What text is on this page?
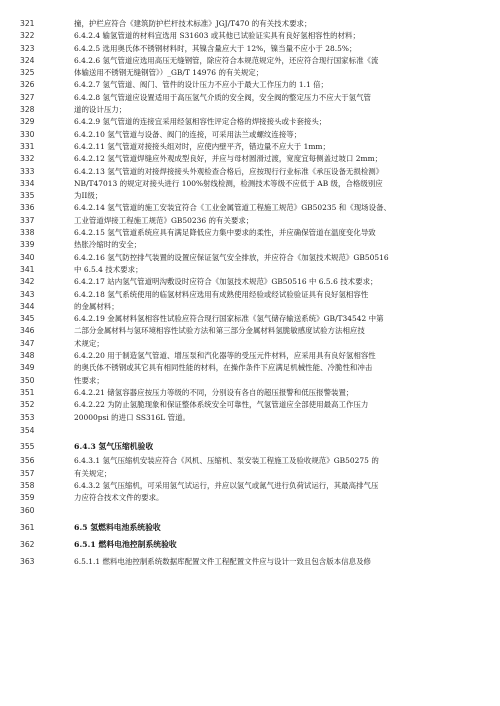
321	撞，护栏应符合《建筑防护栏杆技术标准》JGJ/T470 的有关技术要求；
322	6.4.2.4 输氢管道的材料宜选用 S31603 或其他已试验证实具有良好氢相容性的材料；
323	6.4.2.5 选用奥氏体不锈钢材料时，其镍含量应大于 12%，镍当量不应小于 28.5%；
324	6.4.2.6 氢气管道应选用高压无缝钢管，除应符合本规范规定外，还应符合现行国家标准《流
325	体输送用不锈钢无缝钢管》）_GB/T 14976 的有关规定；
326	6.4.2.7 氢气管道、阀门、管件的设计压力不应小于最大工作压力的 1.1 倍；
327	6.4.2.8 氢气管道应设置适用于高压氢气介质的安全阀，安全阀的整定压力不应大于氢气管
328	道的设计压力；
329	6.4.2.9 氢气管道的连接宜采用经氢相容性评定合格的焊接接头或卡套接头；
330	6.4.2.10 氢气管道与设备、阀门的连接，可采用法兰或螺纹连接等；
331	6.4.2.11 氢气管道对接接头组对时，应使内壁平齐，错边量不应大于 1mm；
332	6.4.2.12 氢气管道焊缝应外观成型良好，并应与母材圆滑过渡，宽度宜每侧盖过坡口 2mm；
333	6.4.2.13 氢气管道的对接焊接接头外观检查合格后，应按现行行业标准《承压设备无损检测》
334	NB/T47013 的规定对接头进行 100%射线检测，检测技术等级不应低于 AB 级，合格级别应
335	为II级；
336	6.4.2.14 氢气管道的施工安装宜符合《工业金属管道工程施工规范》GB50235 和《现场设备、
337	工业管道焊接工程施工规范》GB50236 的有关要求；
338	6.4.2.15 氢气管道系统应具有满足降低应力集中要求的柔性，并应确保管道在温度变化导致
339	热胀冷缩时的安全；
340	6.4.2.16 氢气防控排气装置的设置应保证氢气安全排放，并应符合《加氢技术规范》GB50516
341	中 6.5.4 技术要求；
342	6.4.2.17 站内氢气管道明沟敷设时应符合《加氢技术规范》GB50516 中 6.5.6 技术要求；
343	6.4.2.18 氢气系统使用的临氢材料应选用有成熟使用经验或经试验验证具有良好氢相容性
344	的金属材料；
345	6.4.2.19 金属材料氢相容性试验应符合现行国家标准《氢气储存输送系统》GB/T34542 中第
346	二部分金属材料与氢环境相容性试验方法和第三部分金属材料氢脆敏感度试验方法相应技
347	术规定；
348	6.4.2.20 用于制造氢气管道、增压泵和汽化器等的受压元件材料，应采用具有良好氢相容性
349	的奥氏体不锈钢或其它具有相同性能的材料，在操作条件下应满足机械性能、冷脆性和冲击
350	性要求；
351	6.4.2.21 储氢容器应按压力等级的不同，分别设有各自的超压报警和低压报警装置；
352	6.4.2.22 为防止氢脆现象和保证整体系统安全可靠性，气氢管道应全部使用最高工作压力
353	20000psi 的进口 SS316L 管道。
354
355	6.4.3 氢气压缩机验收
356	6.4.3.1 氢气压缩机安装应符合《风机、压缩机、泵安装工程施工及验收规范》GB50275 的
357	有关规定；
358	6.4.3.2 氢气压缩机，可采用氢气试运行，并应以氢气或氮气进行负荷试运行，其最高排气压
359	力应符合技术文件的要求。
360
361	6.5 氢燃料电池系统验收
362	6.5.1 燃料电池控制系统验收
363	6.5.1.1 燃料电池控制系统数据库配置文件工程配置文件应与设计一致且包含版本信息及修
